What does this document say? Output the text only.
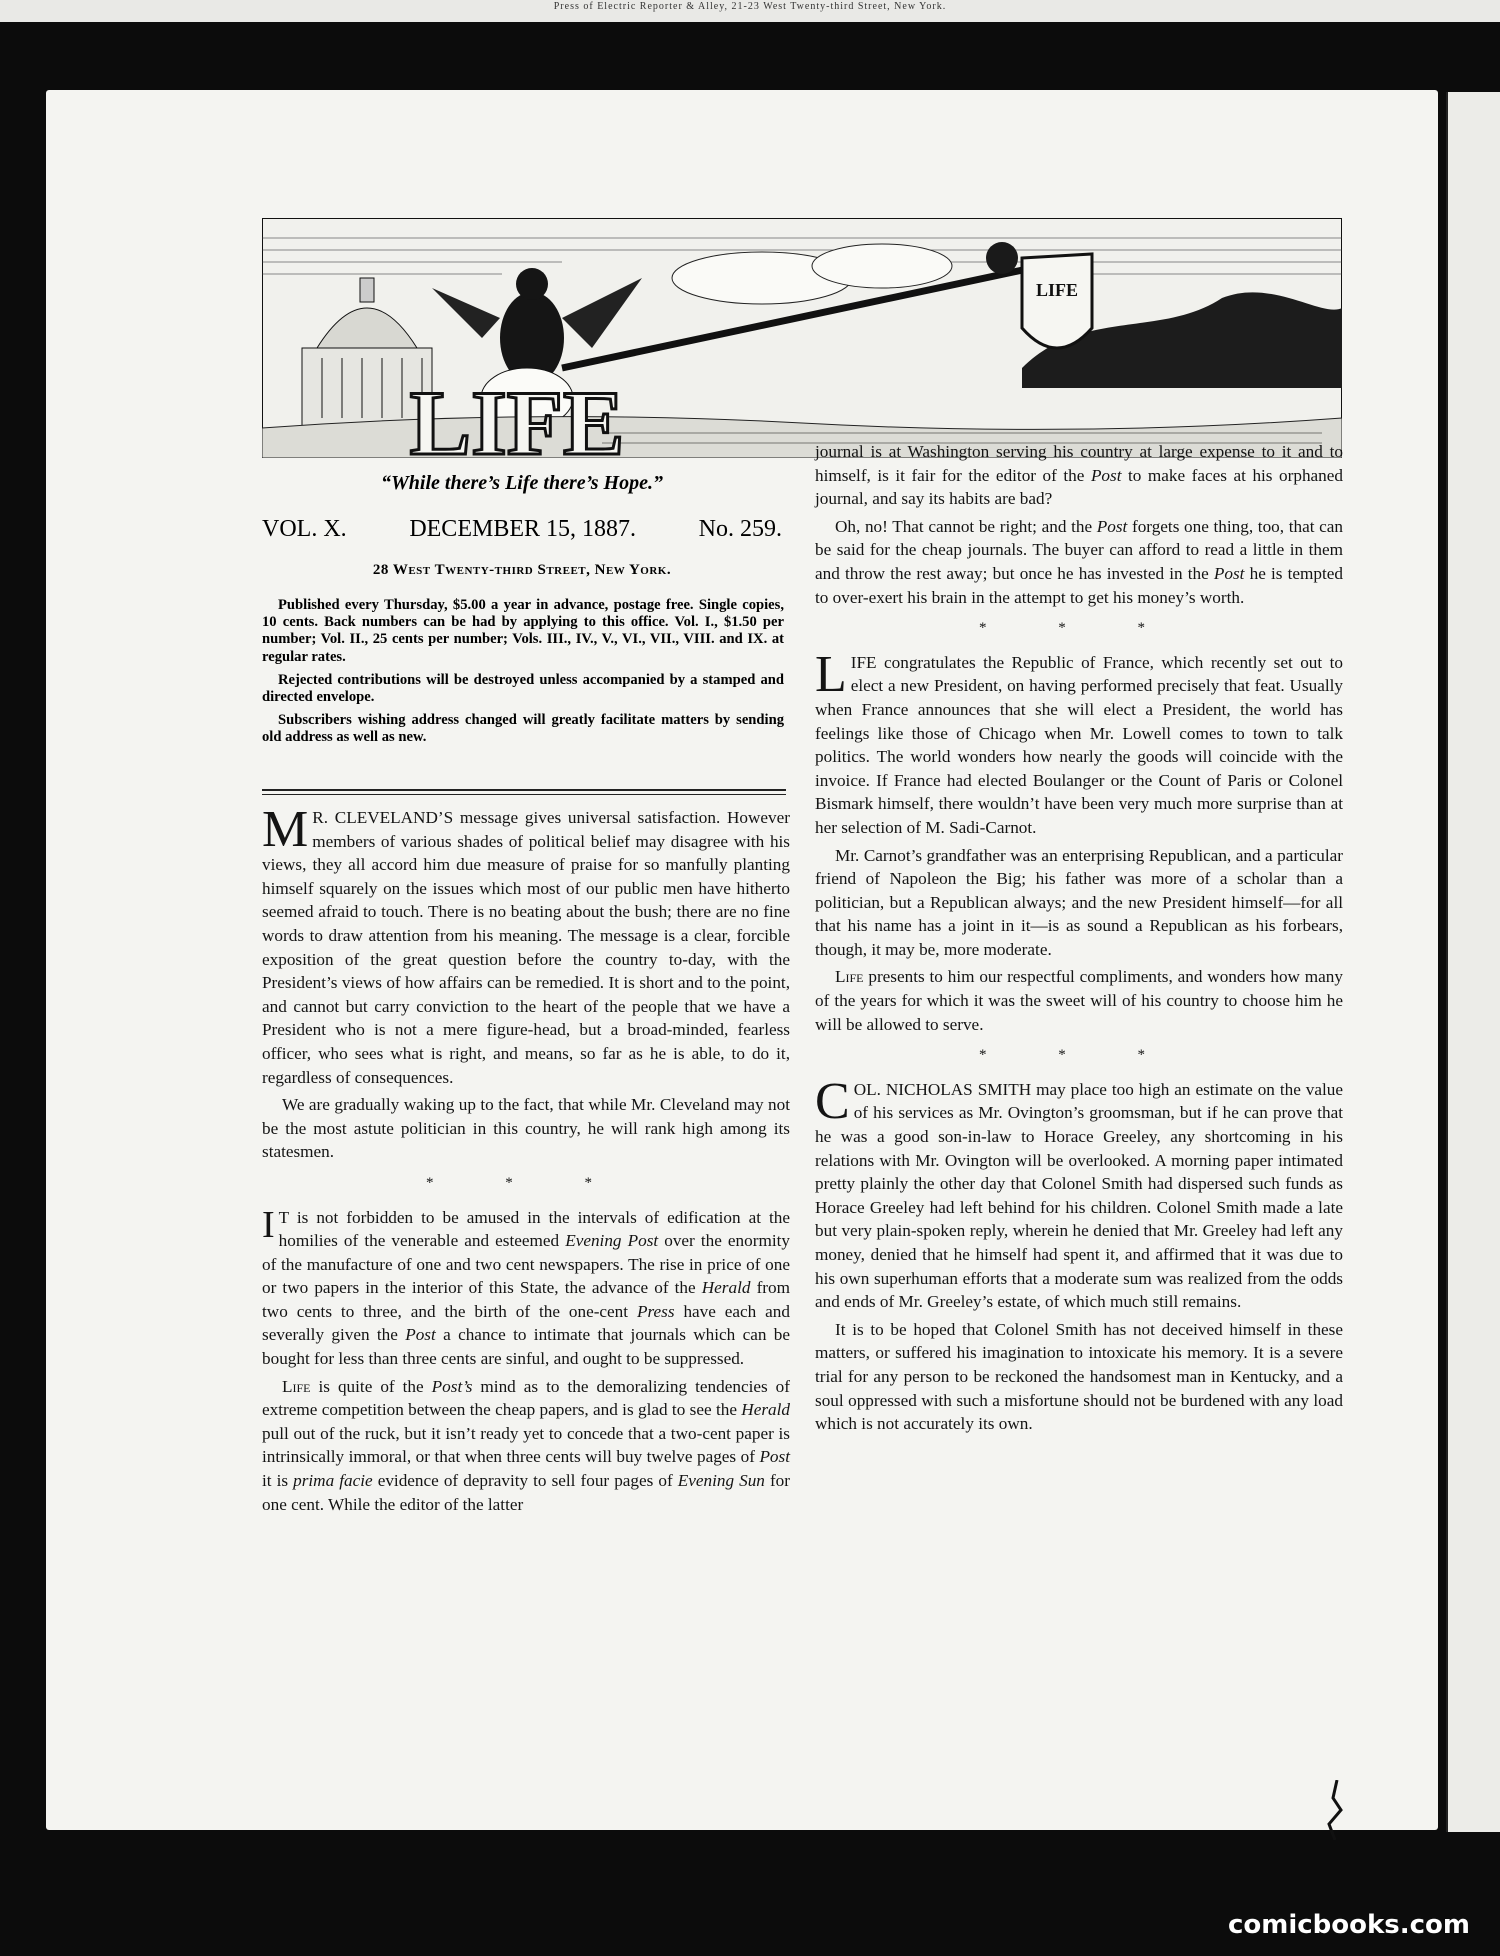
Press of Electric Reporter & Alley, 21-23 West Twenty-third Street, New York.
LIFE
LIFE
“While there’s Life there’s Hope.”
VOL. X.	DECEMBER 15, 1887.	No. 259.
28 West Twenty-third Street, New York.

Published every Thursday, $5.00 a year in advance, postage free. Single copies, 10 cents. Back numbers can be had by applying to this office. Vol. I., $1.50 per number; Vol. II., 25 cents per number; Vols. III., IV., V., VI., VII., VIII. and IX. at regular rates.

Rejected contributions will be destroyed unless accompanied by a stamped and directed envelope.

Subscribers wishing address changed will greatly facilitate matters by sending old address as well as new.

MR. CLEVELAND’S message gives universal satisfaction. However members of various shades of political belief may disagree with his views, they all accord him due measure of praise for so manfully planting himself squarely on the issues which most of our public men have hitherto seemed afraid to touch. There is no beating about the bush; there are no fine words to draw attention from his meaning. The message is a clear, forcible exposition of the great question before the country to-day, with the President’s views of how affairs can be remedied. It is short and to the point, and cannot but carry conviction to the heart of the people that we have a President who is not a mere figure-head, but a broad-minded, fearless officer, who sees what is right, and means, so far as he is able, to do it, regardless of consequences.

We are gradually waking up to the fact, that while Mr. Cleveland may not be the most astute politician in this country, he will rank high among its statesmen.

* * *

IT is not forbidden to be amused in the intervals of edification at the homilies of the venerable and esteemed Evening Post over the enormity of the manufacture of one and two cent newspapers. The rise in price of one or two papers in the interior of this State, the advance of the Herald from two cents to three, and the birth of the one-cent Press have each and severally given the Post a chance to intimate that journals which can be bought for less than three cents are sinful, and ought to be suppressed.

Life is quite of the Post’s mind as to the demoralizing tendencies of extreme competition between the cheap papers, and is glad to see the Herald pull out of the ruck, but it isn’t ready yet to concede that a two-cent paper is intrinsically immoral, or that when three cents will buy twelve pages of Post it is prima facie evidence of depravity to sell four pages of Evening Sun for one cent. While the editor of the latter

journal is at Washington serving his country at large expense to it and to himself, is it fair for the editor of the Post to make faces at his orphaned journal, and say its habits are bad?

Oh, no! That cannot be right; and the Post forgets one thing, too, that can be said for the cheap journals. The buyer can afford to read a little in them and throw the rest away; but once he has invested in the Post he is tempted to over-exert his brain in the attempt to get his money’s worth.

* * *

LIFE congratulates the Republic of France, which recently set out to elect a new President, on having performed precisely that feat. Usually when France announces that she will elect a President, the world has feelings like those of Chicago when Mr. Lowell comes to town to talk politics. The world wonders how nearly the goods will coincide with the invoice. If France had elected Boulanger or the Count of Paris or Colonel Bismark himself, there wouldn’t have been very much more surprise than at her selection of M. Sadi-Carnot.

Mr. Carnot’s grandfather was an enterprising Republican, and a particular friend of Napoleon the Big; his father was more of a scholar than a politician, but a Republican always; and the new President himself—for all that his name has a joint in it—is as sound a Republican as his forbears, though, it may be, more moderate.

Life presents to him our respectful compliments, and wonders how many of the years for which it was the sweet will of his country to choose him he will be allowed to serve.

* * *

COL. NICHOLAS SMITH may place too high an estimate on the value of his services as Mr. Ovington’s groomsman, but if he can prove that he was a good son-in-law to Horace Greeley, any shortcoming in his relations with Mr. Ovington will be overlooked. A morning paper intimated pretty plainly the other day that Colonel Smith had dispersed such funds as Horace Greeley had left behind for his children. Colonel Smith made a late but very plain-spoken reply, wherein he denied that Mr. Greeley had left any money, denied that he himself had spent it, and affirmed that it was due to his own superhuman efforts that a moderate sum was realized from the odds and ends of Mr. Greeley’s estate, of which much still remains.

It is to be hoped that Colonel Smith has not deceived himself in these matters, or suffered his imagination to intoxicate his memory. It is a severe trial for any person to be reckoned the handsomest man in Kentucky, and a soul oppressed with such a misfortune should not be burdened with any load which is not accurately its own.

comicbooks.com
